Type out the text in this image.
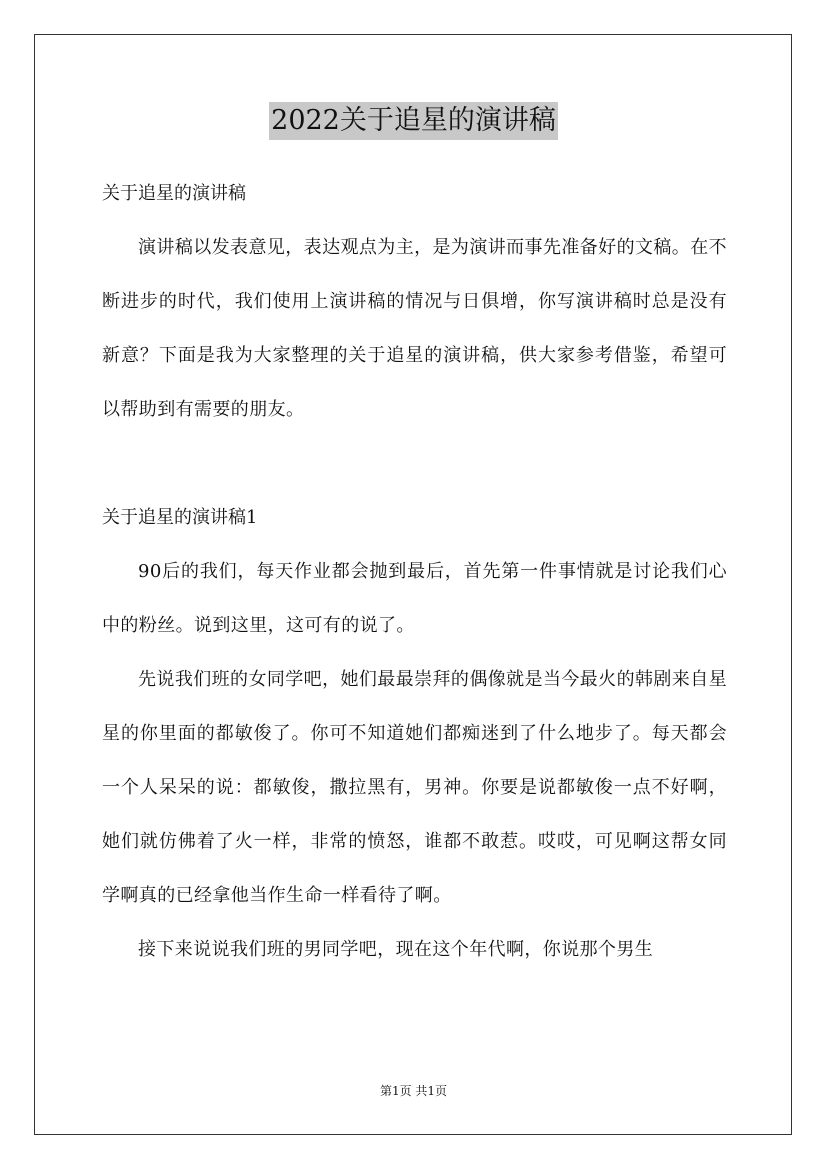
2022关于追星的演讲稿

关于追星的演讲稿

演讲稿以发表意见，表达观点为主，是为演讲而事先准备好的文稿。在不断进步的时代，我们使用上演讲稿的情况与日俱增，你写演讲稿时总是没有新意？下面是我为大家整理的关于追星的演讲稿，供大家参考借鉴，希望可以帮助到有需要的朋友。

关于追星的演讲稿1

90后的我们，每天作业都会抛到最后，首先第一件事情就是讨论我们心中的粉丝。说到这里，这可有的说了。

先说我们班的女同学吧，她们最最崇拜的偶像就是当今最火的韩剧来自星星的你里面的都敏俊了。你可不知道她们都痴迷到了什么地步了。每天都会一个人呆呆的说：都敏俊，撒拉黑有，男神。你要是说都敏俊一点不好啊，她们就仿佛着了火一样，非常的愤怒，谁都不敢惹。哎哎，可见啊这帮女同学啊真的已经拿他当作生命一样看待了啊。

接下来说说我们班的男同学吧，现在这个年代啊，你说那个男生

第1页 共1页
